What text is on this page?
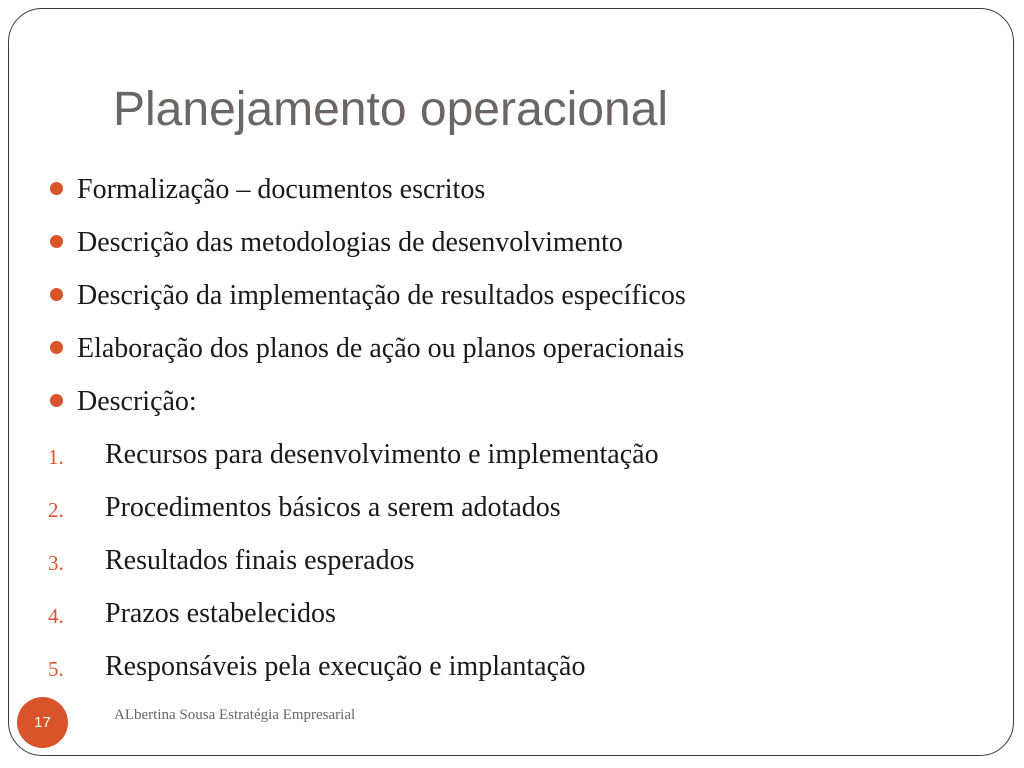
Planejamento operacional
Formalização – documentos escritos
Descrição das metodologias de desenvolvimento
Descrição da implementação de resultados específicos
Elaboração dos planos de ação ou planos operacionais
Descrição:
1. Recursos para desenvolvimento e implementação
2. Procedimentos básicos a serem adotados
3. Resultados finais esperados
4. Prazos estabelecidos
5. Responsáveis pela execução e implantação
17	ALbertina Sousa Estratégia Empresarial
